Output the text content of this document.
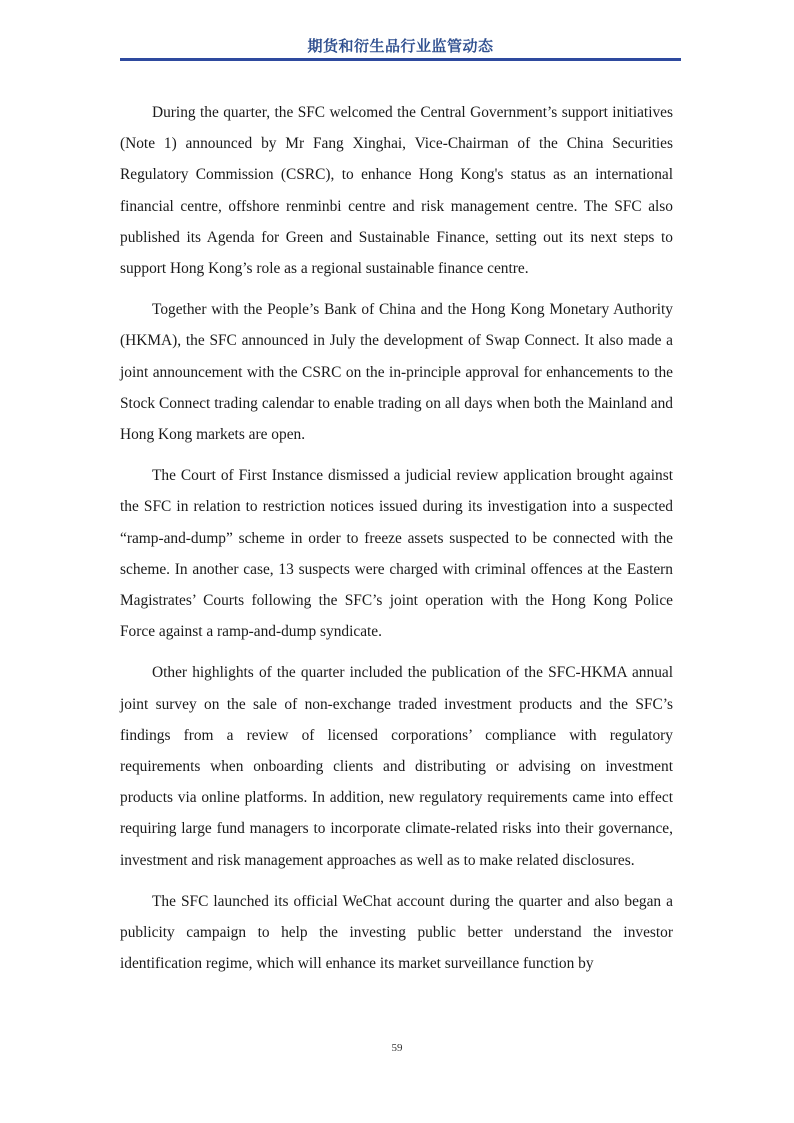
期货和衍生品行业监管动态

During the quarter, the SFC welcomed the Central Government’s support initiatives (Note 1) announced by Mr Fang Xinghai, Vice-Chairman of the China Securities Regulatory Commission (CSRC), to enhance Hong Kong's status as an international financial centre, offshore renminbi centre and risk management centre. The SFC also published its Agenda for Green and Sustainable Finance, setting out its next steps to support Hong Kong’s role as a regional sustainable finance centre.

Together with the People’s Bank of China and the Hong Kong Monetary Authority (HKMA), the SFC announced in July the development of Swap Connect. It also made a joint announcement with the CSRC on the in-principle approval for enhancements to the Stock Connect trading calendar to enable trading on all days when both the Mainland and Hong Kong markets are open.

The Court of First Instance dismissed a judicial review application brought against the SFC in relation to restriction notices issued during its investigation into a suspected “ramp-and-dump” scheme in order to freeze assets suspected to be connected with the scheme. In another case, 13 suspects were charged with criminal offences at the Eastern Magistrates’ Courts following the SFC’s joint operation with the Hong Kong Police Force against a ramp-and-dump syndicate.

Other highlights of the quarter included the publication of the SFC-HKMA annual joint survey on the sale of non-exchange traded investment products and the SFC’s findings from a review of licensed corporations’ compliance with regulatory requirements when onboarding clients and distributing or advising on investment products via online platforms. In addition, new regulatory requirements came into effect requiring large fund managers to incorporate climate-related risks into their governance, investment and risk management approaches as well as to make related disclosures.

The SFC launched its official WeChat account during the quarter and also began a publicity campaign to help the investing public better understand the investor identification regime, which will enhance its market surveillance function by

59
